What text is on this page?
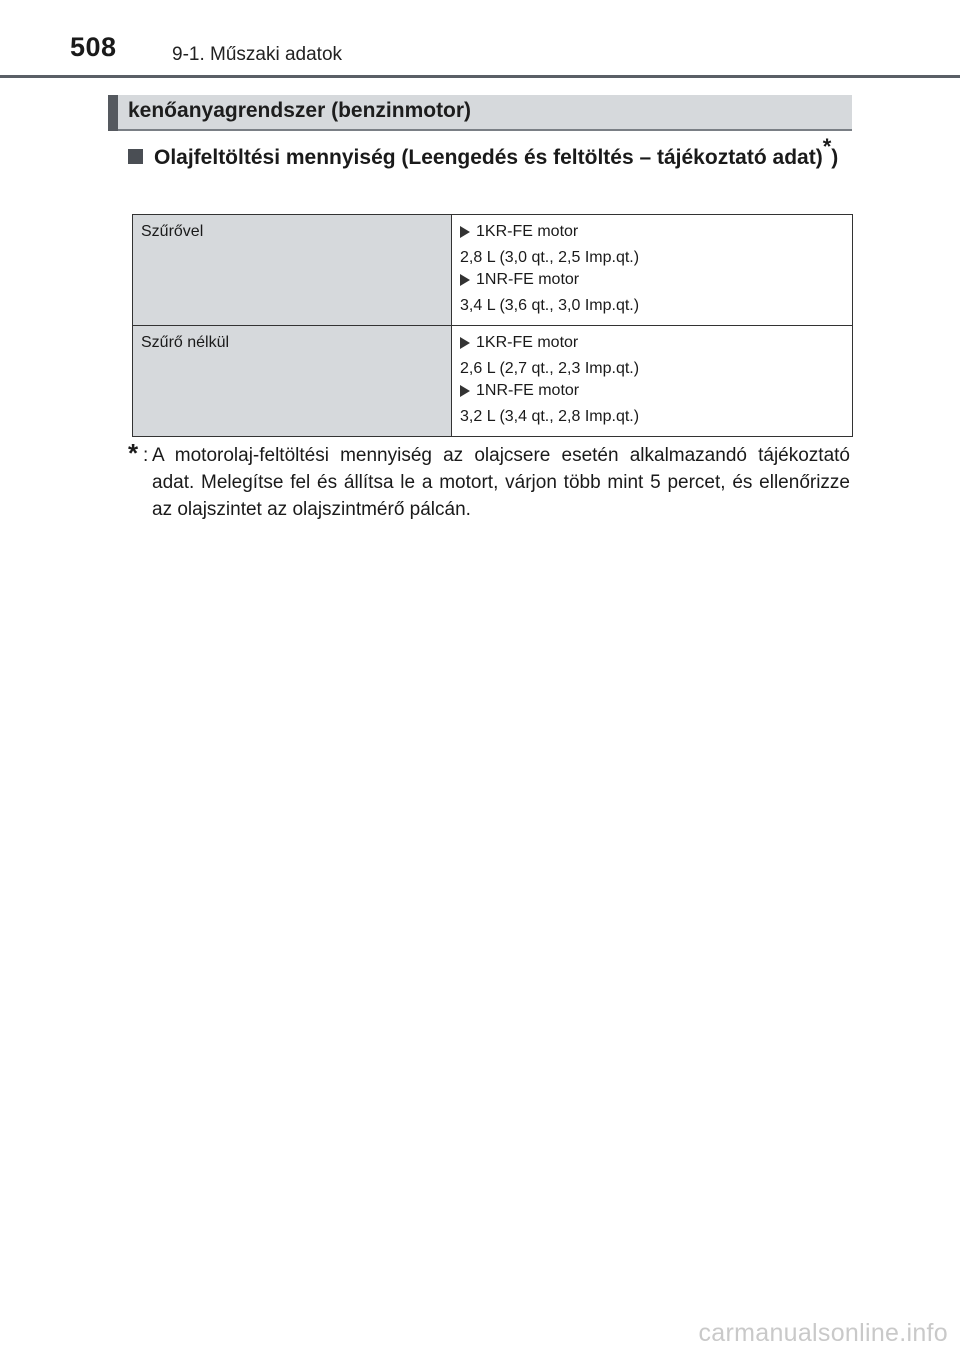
508	9-1. Műszaki adatok
kenőanyagrendszer (benzinmotor)
Olajfeltöltési mennyiség (Leengedés és feltöltés – tájékoztató adat)*)
Szűrővel	1KR-FE motor
2,8 L (3,0 qt., 2,5 Imp.qt.)
1NR-FE motor
3,4 L (3,6 qt., 3,0 Imp.qt.)

Szűrő nélkül	1KR-FE motor
2,6 L (2,7 qt., 2,3 Imp.qt.)
1NR-FE motor
3,2 L (3,4 qt., 2,8 Imp.qt.)
* : A motorolaj-feltöltési mennyiség az olajcsere esetén alkalmazandó tájékoztató adat. Melegítse fel és állítsa le a motort, várjon több mint 5 percet, és ellenőrizze az olajszintet az olajszintmérő pálcán.
carmanualsonline.info
